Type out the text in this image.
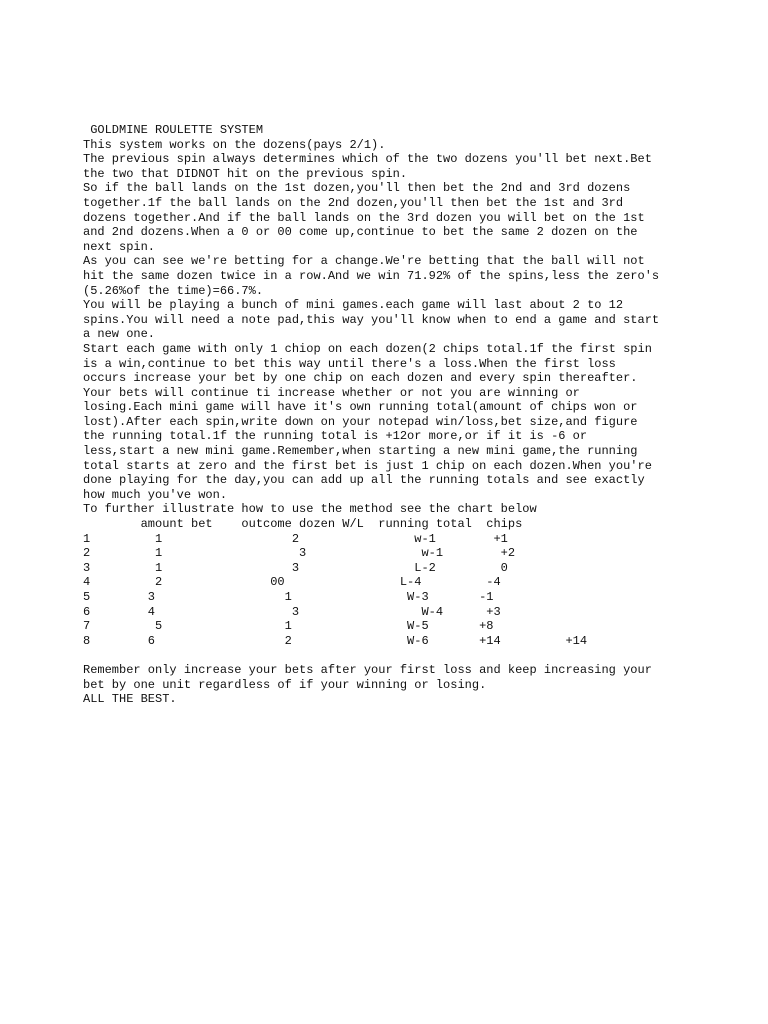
GOLDMINE ROULETTE SYSTEM
This system works on the dozens(pays 2/1).
The previous spin always determines which of the two dozens you'll bet next.Bet
the two that DIDNOT hit on the previous spin.
So if the ball lands on the 1st dozen,you'll then bet the 2nd and 3rd dozens
together.1f the ball lands on the 2nd dozen,you'll then bet the 1st and 3rd
dozens together.And if the ball lands on the 3rd dozen you will bet on the 1st
and 2nd dozens.When a 0 or 00 come up,continue to bet the same 2 dozen on the
next spin.
As you can see we're betting for a change.We're betting that the ball will not
hit the same dozen twice in a row.And we win 71.92% of the spins,less the zero's
(5.26%of the time)=66.7%.
You will be playing a bunch of mini games.each game will last about 2 to 12
spins.You will need a note pad,this way you'll know when to end a game and start
a new one.
Start each game with only 1 chiop on each dozen(2 chips total.1f the first spin
is a win,continue to bet this way until there's a loss.When the first loss
occurs increase your bet by one chip on each dozen and every spin thereafter.
Your bets will continue ti increase whether or not you are winning or
losing.Each mini game will have it's own running total(amount of chips won or
lost).After each spin,write down on your notepad win/loss,bet size,and figure
the running total.1f the running total is +12or more,or if it is -6 or
less,start a new mini game.Remember,when starting a new mini game,the running
total starts at zero and the first bet is just 1 chip on each dozen.When you're
done playing for the day,you can add up all the running totals and see exactly
how much you've won.
To further illustrate how to use the method see the chart below
amount bet    outcome dozen W/L  running total  chips
1         1                  2                w-1        +1
2         1                   3                w-1        +2
3         1                  3                L-2         0
4         2               00                L-4         -4
5        3                  1                W-3       -1
6        4                   3                 W-4      +3
7         5                 1                W-5       +8
8        6                  2                W-6       +14         +14
Remember only increase your bets after your first loss and keep increasing your
bet by one unit regardless of if your winning or losing.
ALL THE BEST.
